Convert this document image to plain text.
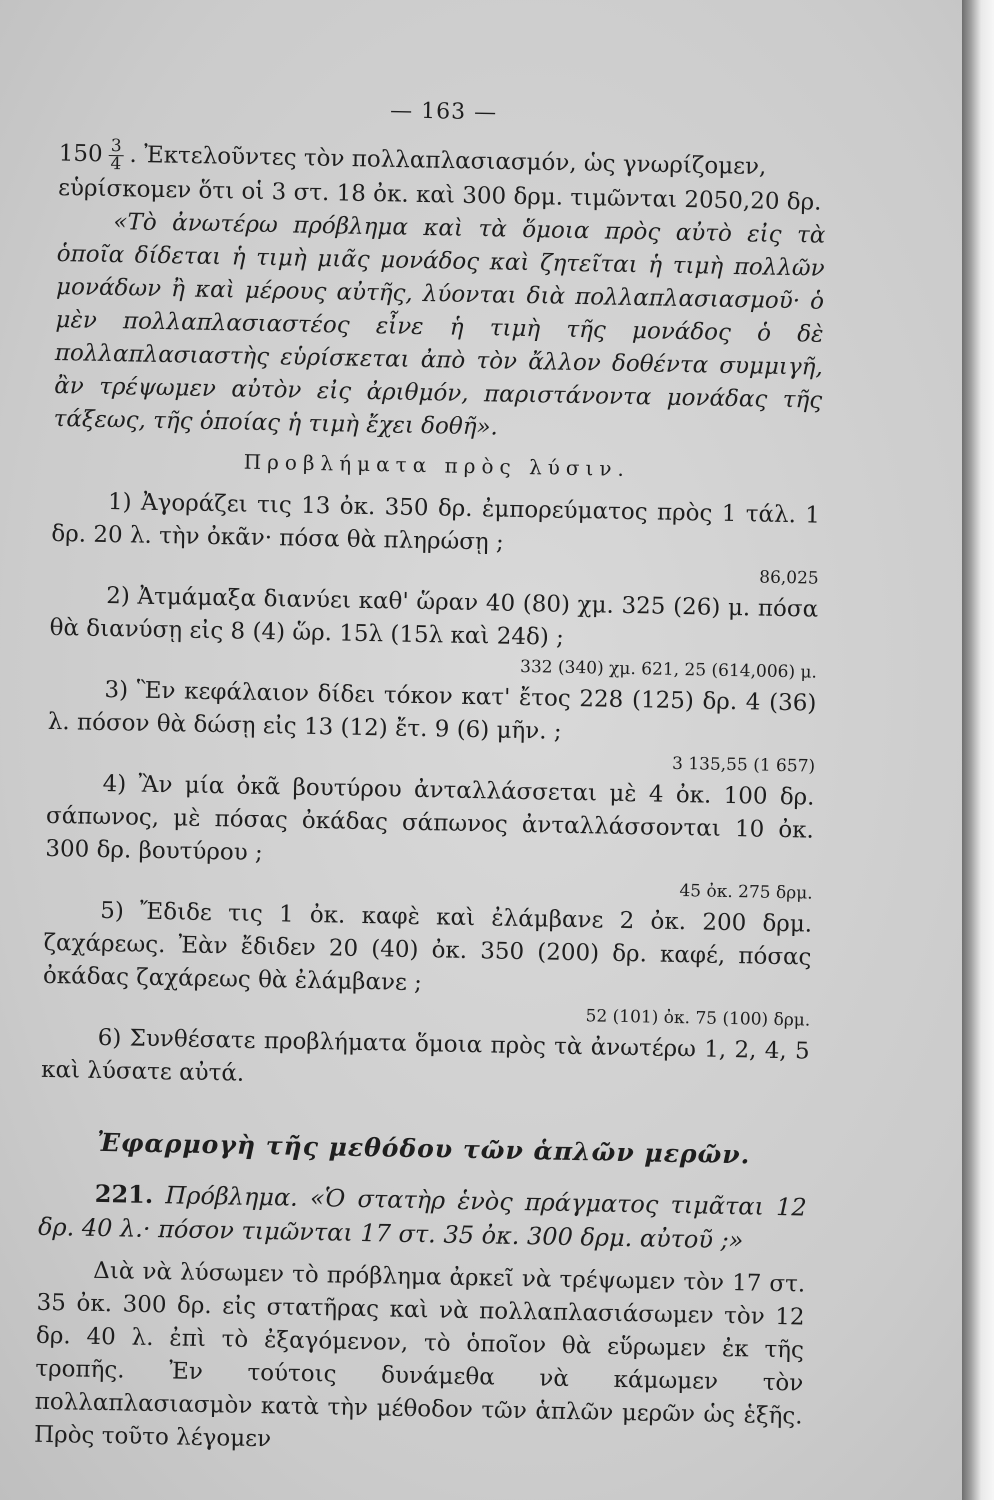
— 163 —

$150 \frac{3}{4}$ . Ἐκτελοῦντες τὸν πολλαπλασιασμόν, ὡς γνωρίζομεν,

εὑρίσκομεν ὅτι οἱ 3 στ. 18 ὀκ. καὶ 300 δρμ. τιμῶνται 2050,20 δρ.

«Τὸ ἀνωτέρω πρόβλημα καὶ τὰ ὅμοια πρὸς αὐτὸ εἰς τὰ ὁποῖα δίδεται ἡ τιμὴ μιᾶς μονάδος καὶ ζητεῖται ἡ τιμὴ πολλῶν μονάδων ἢ καὶ μέρους αὐτῆς, λύονται διὰ πολλαπλασιασμοῦ· ὁ μὲν πολλαπλασιαστέος εἶνε ἡ τιμὴ τῆς μονάδος ὁ δὲ πολλαπλασιαστὴς εὑρίσκεται ἀπὸ τὸν ἄλλον δοθέντα συμμιγῆ, ἂν τρέψωμεν αὐτὸν εἰς ἀριθμόν, παριστάνοντα μονάδας τῆς τάξεως, τῆς ὁποίας ἡ τιμὴ ἔχει δοθῆ».

Προβλήματα πρὸς λύσιν.

1) Ἀγοράζει τις 13 ὀκ. 350 δρ. ἐμπορεύματος πρὸς 1 τάλ. 1 δρ. 20 λ. τὴν ὀκᾶν· πόσα θὰ πληρώσῃ ;

86,025

2) Ἀτμάμαξα διανύει καθ' ὥραν 40 (80) χμ. 325 (26) μ. πόσα θὰ διανύσῃ εἰς 8 (4) ὥρ. 15λ (15λ καὶ 24δ) ;

332 (340) χμ. 621, 25 (614,006) μ.

3) Ἓν κεφάλαιον δίδει τόκον κατ' ἔτος 228 (125) δρ. 4 (36) λ. πόσον θὰ δώσῃ εἰς 13 (12) ἔτ. 9 (6) μῆν. ;

3 135,55 (1 657)

4) Ἂν μία ὀκᾶ βουτύρου ἀνταλλάσσεται μὲ 4 ὀκ. 100 δρ. σάπωνος, μὲ πόσας ὀκάδας σάπωνος ἀνταλλάσσονται 10 ὀκ. 300 δρ. βουτύρου ;

45 ὀκ. 275 δρμ.

5) Ἔδιδε τις 1 ὀκ. καφὲ καὶ ἐλάμβανε 2 ὀκ. 200 δρμ. ζαχάρεως. Ἐὰν ἔδιδεν 20 (40) ὀκ. 350 (200) δρ. καφέ, πόσας ὀκάδας ζαχάρεως θὰ ἐλάμβανε ;

52 (101) ὀκ. 75 (100) δρμ.

6) Συνθέσατε προβλήματα ὅμοια πρὸς τὰ ἀνωτέρω 1, 2, 4, 5 καὶ λύσατε αὐτά.

Ἐφαρμογὴ τῆς μεθόδου τῶν ἁπλῶν μερῶν.

221. Πρόβλημα. «Ὁ στατὴρ ἑνὸς πράγματος τιμᾶται 12 δρ. 40 λ.· πόσον τιμῶνται 17 στ. 35 ὀκ. 300 δρμ. αὐτοῦ ;»

Διὰ νὰ λύσωμεν τὸ πρόβλημα ἀρκεῖ νὰ τρέψωμεν τὸν 17 στ. 35 ὀκ. 300 δρ. εἰς στατῆρας καὶ νὰ πολλαπλασιάσωμεν τὸν 12 δρ. 40 λ. ἐπὶ τὸ ἐξαγόμενον, τὸ ὁποῖον θὰ εὕρωμεν ἐκ τῆς τροπῆς. Ἐν τούτοις δυνάμεθα νὰ κάμωμεν τὸν πολλαπλασιασμὸν κατὰ τὴν μέθοδον τῶν ἁπλῶν μερῶν ὡς ἑξῆς. Πρὸς τοῦτο λέγομεν
